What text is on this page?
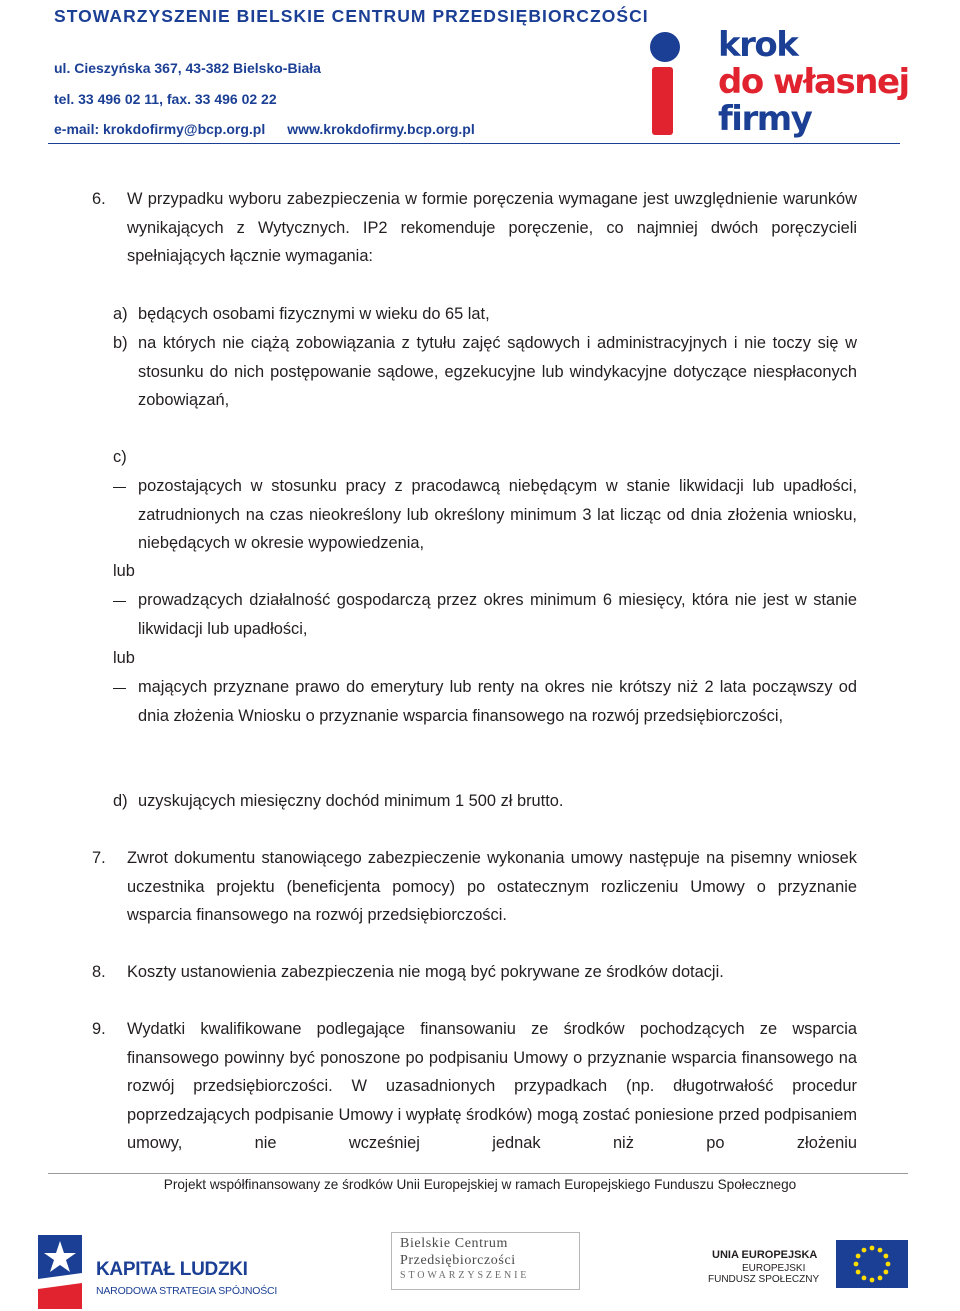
STOWARZYSZENIE BIELSKIE CENTRUM PRZEDSIĘBIORCZOŚCI
ul. Cieszyńska 367, 43-382 Bielsko-Biała
tel. 33 496 02 11, fax. 33 496 02 22
e-mail: krokdofirmy@bcp.org.pl www.krokdofirmy.bcp.org.pl
krok
do własnej
firmy
6. W przypadku wyboru zabezpieczenia w formie poręczenia wymagane jest uwzględnienie warunków wynikających z Wytycznych. IP2 rekomenduje poręczenie, co najmniej dwóch poręczycieli spełniających łącznie wymagania:
a) będących osobami fizycznymi w wieku do 65 lat,
b) na których nie ciążą zobowiązania z tytułu zajęć sądowych i administracyjnych i nie toczy się w stosunku do nich postępowanie sądowe, egzekucyjne lub windykacyjne dotyczące niespłaconych zobowiązań,
c)
pozostających w stosunku pracy z pracodawcą niebędącym w stanie likwidacji lub upadłości, zatrudnionych na czas nieokreślony lub określony minimum 3 lat licząc od dnia złożenia wniosku, niebędących w okresie wypowiedzenia,
lub
prowadzących działalność gospodarczą przez okres minimum 6 miesięcy, która nie jest w stanie likwidacji lub upadłości,
lub
mających przyznane prawo do emerytury lub renty na okres nie krótszy niż 2 lata począwszy od dnia złożenia Wniosku o przyznanie wsparcia finansowego na rozwój przedsiębiorczości,
d) uzyskujących miesięczny dochód minimum 1 500 zł brutto.
7. Zwrot dokumentu stanowiącego zabezpieczenie wykonania umowy następuje na pisemny wniosek uczestnika projektu (beneficjenta pomocy) po ostatecznym rozliczeniu Umowy o przyznanie wsparcia finansowego na rozwój przedsiębiorczości.
8. Koszty ustanowienia zabezpieczenia nie mogą być pokrywane ze środków dotacji.
9. Wydatki kwalifikowane podlegające finansowaniu ze środków pochodzących ze wsparcia finansowego powinny być ponoszone po podpisaniu Umowy o przyznanie wsparcia finansowego na rozwój przedsiębiorczości. W uzasadnionych przypadkach (np. długotrwałość procedur poprzedzających podpisanie Umowy i wypłatę środków) mogą zostać poniesione przed podpisaniem umowy, nie wcześniej jednak niż po złożeniu
Projekt współfinansowany ze środków Unii Europejskiej w ramach Europejskiego Funduszu Społecznego
KAPITAŁ LUDZKI
NARODOWA STRATEGIA SPÓJNOŚCI
Bielskie Centrum
Przedsiębiorczości
STOWARZYSZENIE
UNIA EUROPEJSKA
EUROPEJSKI
FUNDUSZ SPOŁECZNY
